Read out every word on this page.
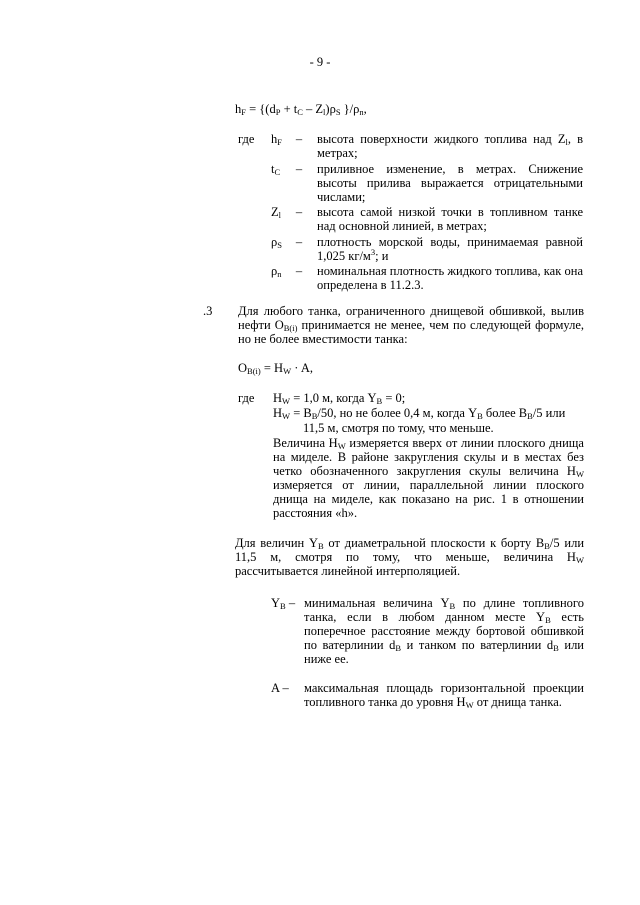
- 9 -
$h_F = \{(d_P + t_C - Z_l)\rho_S$ }$/\rho_n$,
где	$h_F$	–	высота поверхности жидкого топлива над $Z_l$, в метрах;
$t_C$	–	приливное изменение, в метрах. Снижение высоты прилива выражается отрицательными числами;
$Z_l$	–	высота самой низкой точки в топливном танке над основной линией, в метрах;
$\rho_S$	–	плотность морской воды, принимаемая равной 1,025 $кг/м^3$; и
$\rho_n$	–	номинальная плотность жидкого топлива, как она определена в 11.2.3.
.3 Для любого танка, ограниченного днищевой обшивкой, вылив нефти $O_{B(i)}$ принимается не менее, чем по следующей формуле, но не более вместимости танка:
$O_{B(i)} = H_W \cdot A$,
где	$H_W = 1,0$ м, когда $Y_B = 0$;
$H_W = B_B/50$, но не более 0,4 м, когда $Y_B$ более $B_B/5$ или
11,5 м, смотря по тому, что меньше.
Величина $H_W$ измеряется вверх от линии плоского днища на миделе. В районе закругления скулы и в местах без четко обозначенного закругления скулы величина $H_W$ измеряется от линии, параллельной линии плоского днища на миделе, как показано на рис. 1 в отношении расстояния «h».
Для величин $Y_B$ от диаметральной плоскости к борту $B_B/5$ или 11,5 м, смотря по тому, что меньше, величина $H_W$ рассчитывается линейной интерполяцией.
$Y_B$ – минимальная величина $Y_B$ по длине топливного танка, если в любом данном месте $Y_B$ есть поперечное расстояние между бортовой обшивкой по ватерлинии $d_B$ и танком по ватерлинии $d_B$ или ниже ее.
A – максимальная площадь горизонтальной проекции топливного танка до уровня $H_W$ от днища танка.
